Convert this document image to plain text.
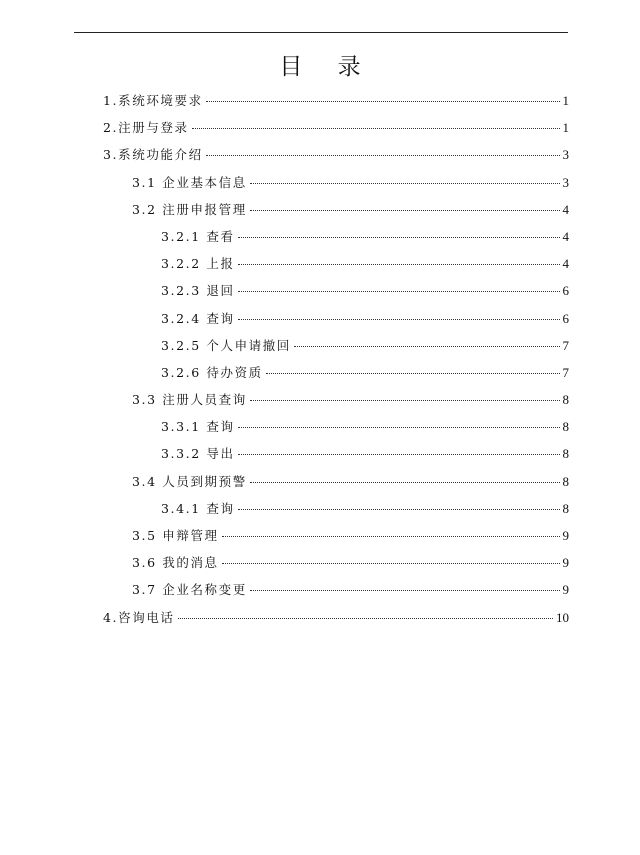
目 录
1.系统环境要求	1
2.注册与登录	1
3.系统功能介绍	3
3.1 企业基本信息	3
3.2 注册申报管理	4
3.2.1 查看	4
3.2.2 上报	4
3.2.3 退回	6
3.2.4 查询	6
3.2.5 个人申请撤回	7
3.2.6 待办资质	7
3.3 注册人员查询	8
3.3.1 查询	8
3.3.2 导出	8
3.4 人员到期预警	8
3.4.1 查询	8
3.5 申辩管理	9
3.6 我的消息	9
3.7 企业名称变更	9
4.咨询电话	10
